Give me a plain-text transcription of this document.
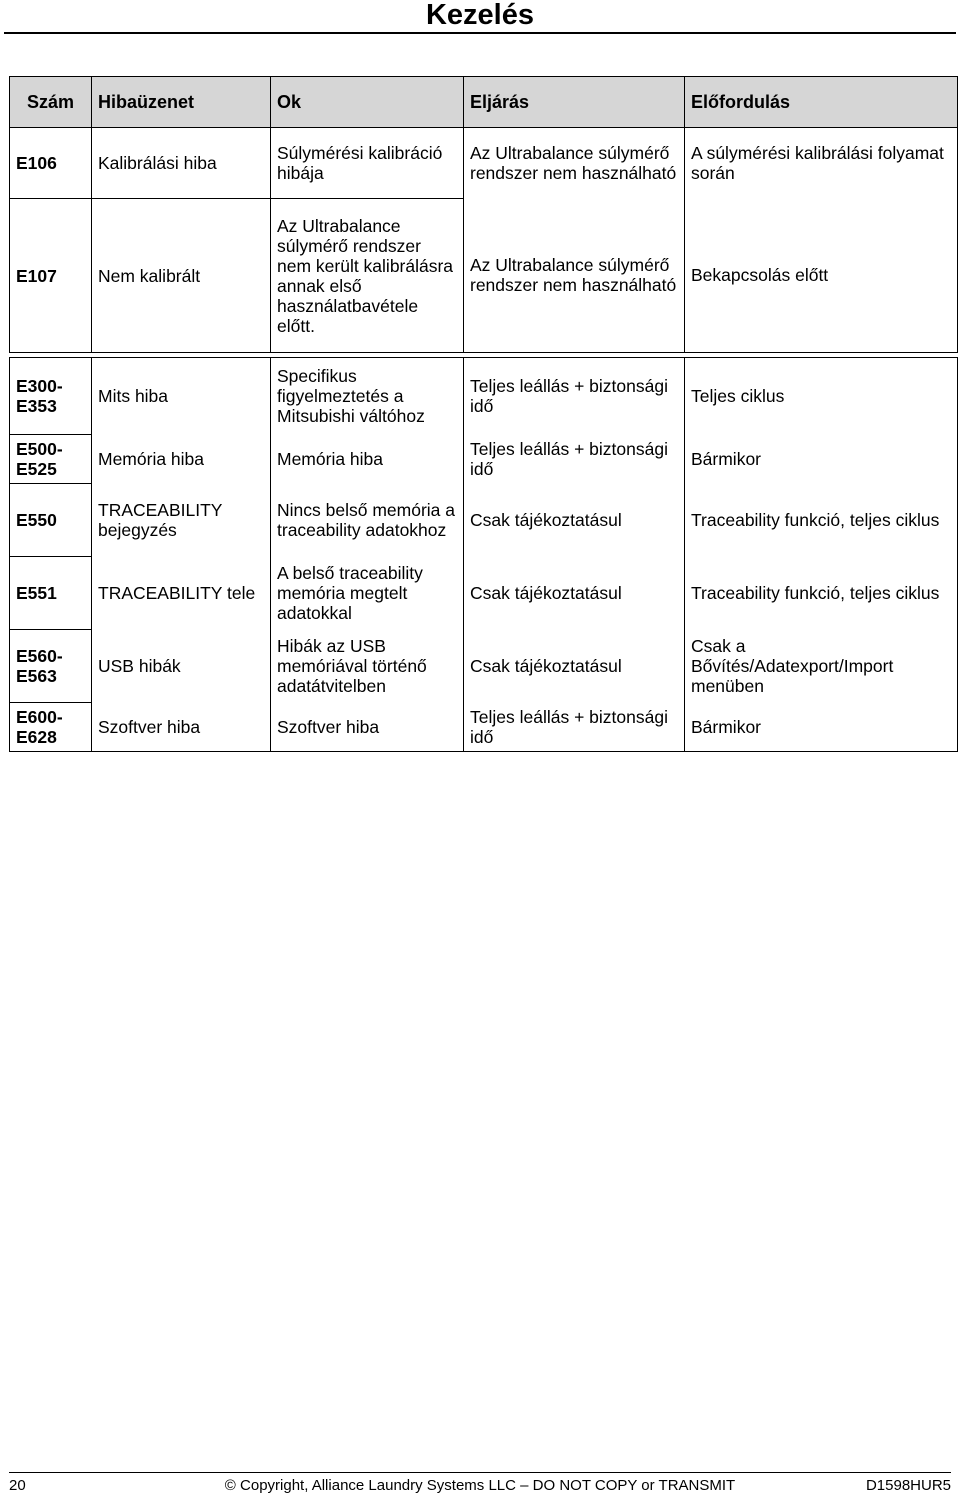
Kezelés
Szám	Hibaüzenet	Ok	Eljárás	Előfordulás
E106	Kalibrálási hiba	Súlymérési kalibráció hibája	Az Ultrabalance súlymérő rendszer nem használható	A súlymérési kalibrálási folyamat során
E107	Nem kalibrált	Az Ultrabalance súlymérő rendszer nem került kalibrálásra annak első használatbavétele előtt.	Az Ultrabalance súlymérő rendszer nem használható	Bekapcsolás előtt

E300-E353	Mits hiba	Specifikus figyelmeztetés a Mitsubishi váltóhoz	Teljes leállás + biztonsági idő	Teljes ciklus
E500-E525	Memória hiba	Memória hiba	Teljes leállás + biztonsági idő	Bármikor
E550	TRACEABILITY bejegyzés	Nincs belső memória a traceability adatokhoz	Csak tájékoztatásul	Traceability funkció, teljes ciklus
E551	TRACEABILITY tele	A belső traceability memória megtelt adatokkal	Csak tájékoztatásul	Traceability funkció, teljes ciklus
E560-E563	USB hibák	Hibák az USB memóriával történő adatátvitelben	Csak tájékoztatásul	Csak a Bővítés/Adatexport/Import menüben
E600-E628	Szoftver hiba	Szoftver hiba	Teljes leállás + biztonsági idő	Bármikor
20	© Copyright, Alliance Laundry Systems LLC – DO NOT COPY or TRANSMIT	D1598HUR5
